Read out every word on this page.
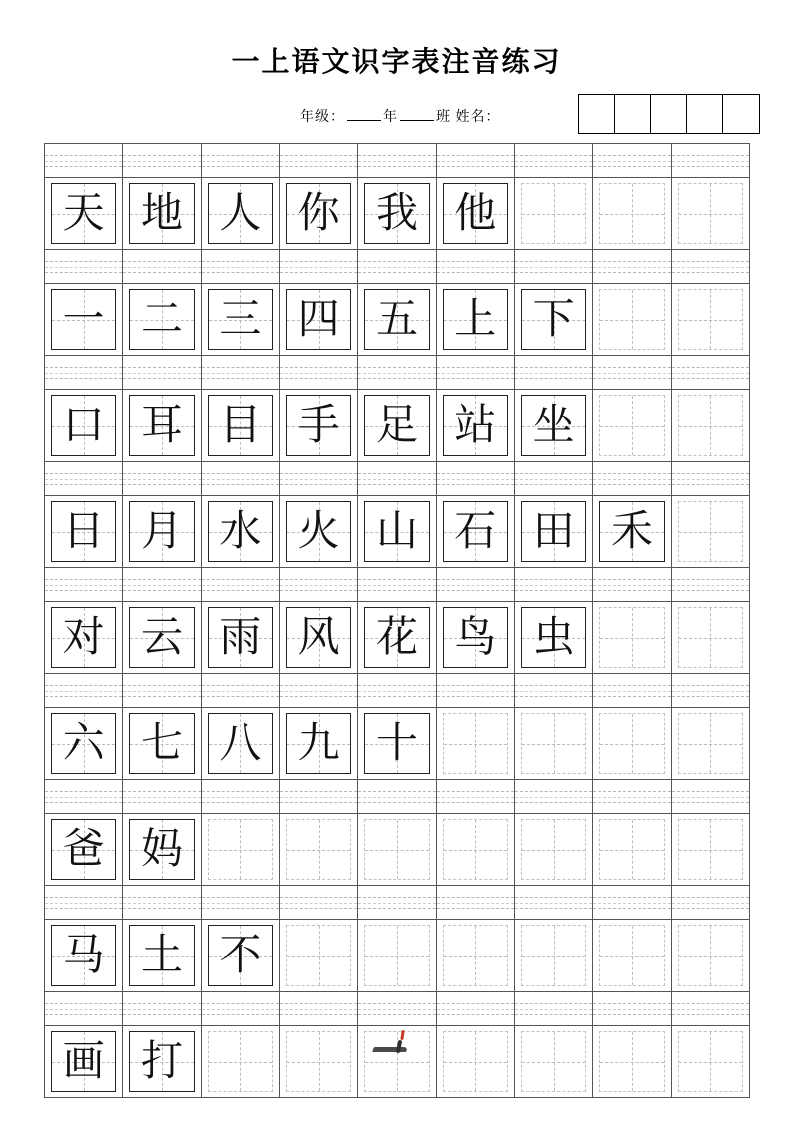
一上语文识字表注音练习
年级：	年	班 姓名：
天 地 人 你 我 他
一 二 三 四 五 上 下
口 耳 目 手 足 站 坐
日 月 水 火 山 石 田 禾
对 云 雨 风 花 鸟 虫
六 七 八 九 十
爸 妈
马 土 不
画 打
